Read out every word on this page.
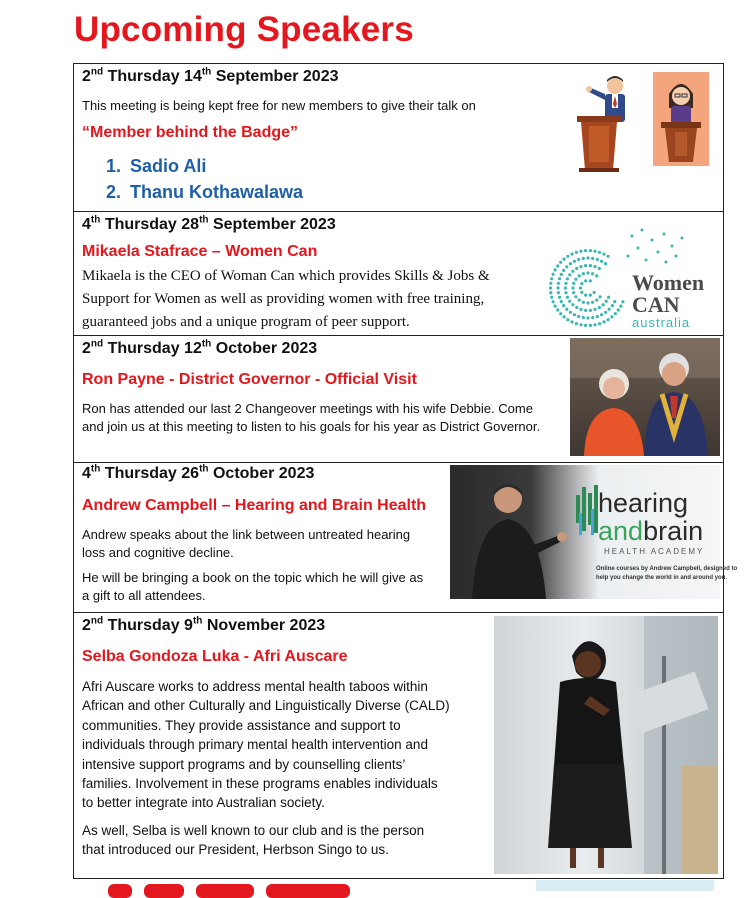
Upcoming Speakers
2nd Thursday 14th September 2023
This meeting is being kept free for new members to give their talk on
“Member behind the Badge”
1. Sadio Ali
2. Thanu Kothawalawa
4th Thursday 28th September 2023
Mikaela Stafrace – Women Can
Mikaela is the CEO of Woman Can which provides Skills & Jobs &
Support for Women as well as providing women with free training,
guaranteed jobs and a unique program of peer support.
Women
CAN
australia
2nd Thursday 12th October 2023
Ron Payne - District Governor - Official Visit
Ron has attended our last 2 Changeover meetings with his wife Debbie. Come
and join us at this meeting to listen to his goals for his year as District Governor.
4th Thursday 26th October 2023
Andrew Campbell – Hearing and Brain Health
Andrew speaks about the link between untreated hearing
loss and cognitive decline.
He will be bringing a book on the topic which he will give as
a gift to all attendees.
hearing
andbrain
HEALTH ACADEMY
Online courses by Andrew Campbell, designed to
help you change the world in and around you.
2nd Thursday 9th November 2023
Selba Gondoza Luka - Afri Auscare
Afri Auscare works to address mental health taboos within
African and other Culturally and Linguistically Diverse (CALD)
communities. They provide assistance and support to
individuals through primary mental health intervention and
intensive support programs and by counselling clients’
families. Involvement in these programs enables individuals
to better integrate into Australian society.
As well, Selba is well known to our club and is the person
that introduced our President, Herbson Singo to us.
